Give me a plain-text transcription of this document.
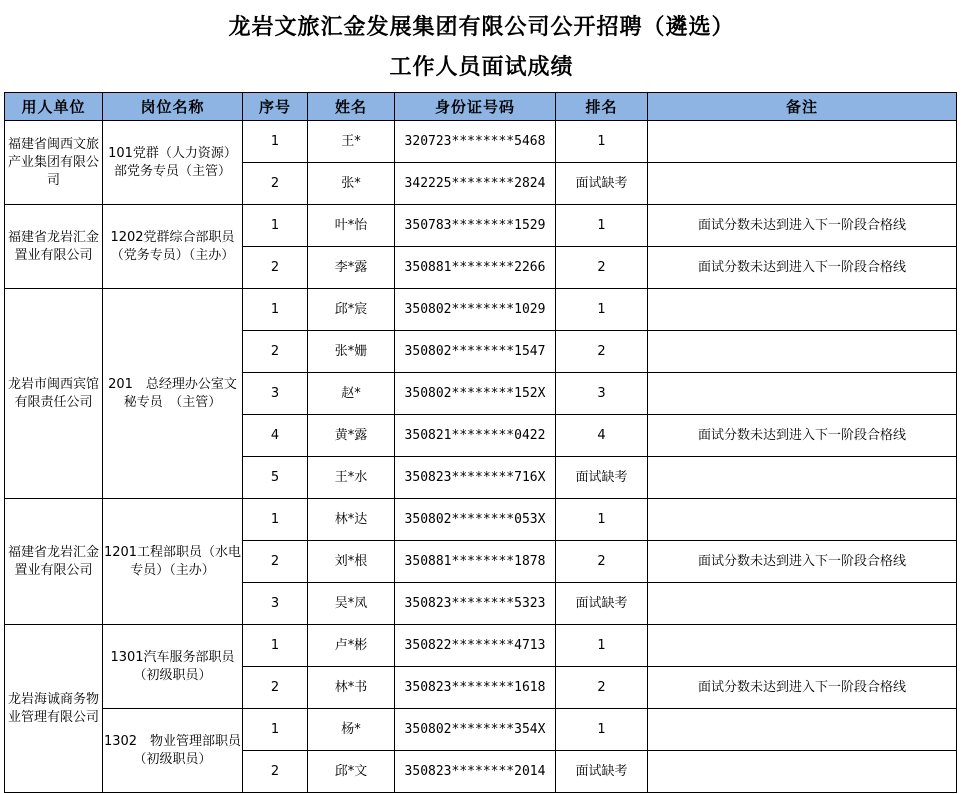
龙岩文旅汇金发展集团有限公司公开招聘（遴选）
工作人员面试成绩
用人单位	岗位名称	序号	姓名	身份证号码	排名	备注
福建省闽西文旅产业集团有限公司	101党群（人力资源）部党务专员（主管）	1	王*	320723********5468	1	
		2	张*	342225********2824	面试缺考	
福建省龙岩汇金置业有限公司	1202党群综合部职员（党务专员）（主办）	1	叶*怡	350783********1529	1	面试分数未达到进入下一阶段合格线
		2	李*露	350881********2266	2	面试分数未达到进入下一阶段合格线
龙岩市闽西宾馆有限责任公司	201　总经理办公室文秘专员　（主管）	1	邱*宸	350802********1029	1	
		2	张*姗	350802********1547	2	
		3	赵*	350802********152X	3	
		4	黄*露	350821********0422	4	面试分数未达到进入下一阶段合格线
		5	王*水	350823********716X	面试缺考	
福建省龙岩汇金置业有限公司	1201工程部职员（水电专员）（主办）	1	林*达	350802********053X	1	
		2	刘*根	350881********1878	2	面试分数未达到进入下一阶段合格线
		3	吴*凤	350823********5323	面试缺考	
龙岩海诚商务物业管理有限公司	1301汽车服务部职员　（初级职员）	1	卢*彬	350822********4713	1	
		2	林*书	350823********1618	2	面试分数未达到进入下一阶段合格线
	1302　物业管理部职员　（初级职员）	1	杨*	350802********354X	1	
		2	邱*文	350823********2014	面试缺考	
